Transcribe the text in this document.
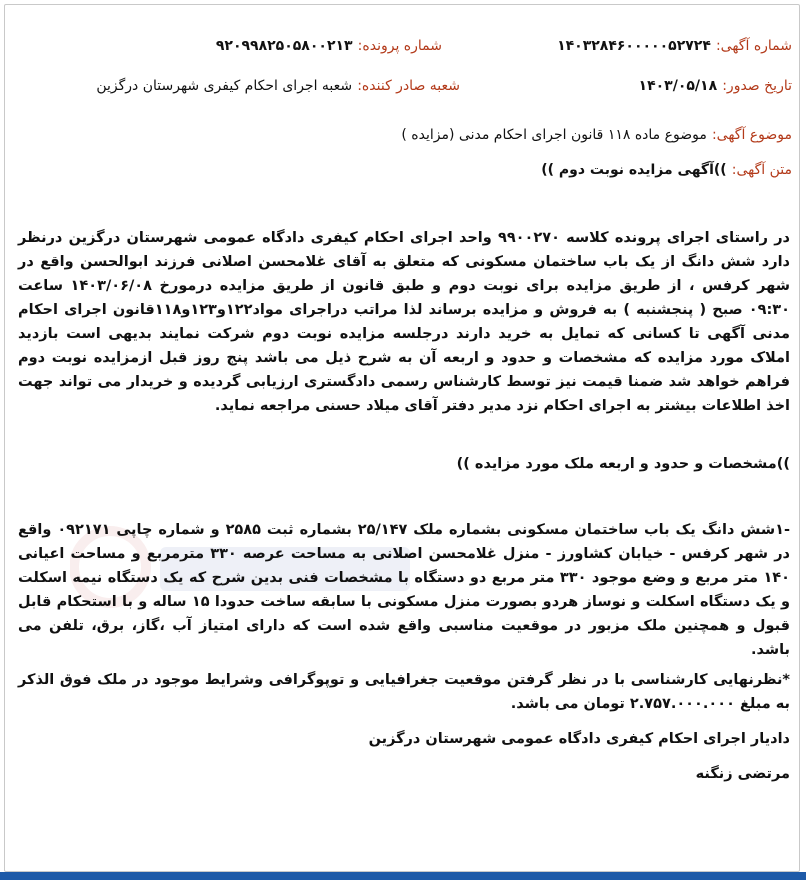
شماره آگهی: ۱۴۰۳۲۸۴۶۰۰۰۰۰۵۲۷۲۴
شماره پرونده: ۹۲۰۹۹۸۲۵۰۵۸۰۰۲۱۳
تاریخ صدور: ۱۴۰۳/۰۵/۱۸
شعبه صادر کننده: شعبه اجرای احکام کیفری شهرستان درگزین
موضوع آگهی: موضوع ماده ۱۱۸ قانون اجرای احکام مدنی (مزایده )
متن آگهی: ))آگهی مزایده نوبت دوم ))
در راستای اجرای پرونده کلاسه ۹۹۰۰۲۷۰ واحد اجرای احکام کیفری دادگاه عمومی شهرستان درگزین درنظر دارد شش دانگ از یک باب ساختمان مسکونی که متعلق به آقای غلامحسن اصلانی فرزند ابوالحسن واقع در شهر کرفس ، از طریق مزایده برای نوبت دوم و طبق قانون از طریق مزایده درمورخ ۱۴۰۳/۰۶/۰۸ ساعت ۰۹:۳۰ صبح ( پنجشنبه ) به فروش و مزایده برساند لذا مراتب دراجرای مواد۱۲۲و۱۲۳و۱۱۸قانون اجرای احکام مدنی آگهی تا کسانی که تمایل به خرید دارند درجلسه مزایده نوبت دوم شرکت نمایند بدیهی است بازدید املاک مورد مزایده که مشخصات و حدود و اربعه آن به شرح ذیل می باشد پنج روز قبل ازمزایده نوبت دوم فراهم خواهد شد ضمنا قیمت نیز توسط کارشناس رسمی دادگستری ارزیابی گردیده و خریدار می تواند جهت اخذ اطلاعات بیشتر به اجرای احکام نزد مدیر دفتر آقای میلاد حسنی مراجعه نماید.
))مشخصات و حدود و اربعه ملک مورد مزایده ))
-۱شش دانگ یک باب ساختمان مسکونی بشماره ملک ۲۵/۱۴۷ بشماره ثبت ۲۵۸۵ و شماره چاپی ۰۹۲۱۷۱ واقع در شهر کرفس - خیابان کشاورز - منزل غلامحسن اصلانی به مساحت عرصه ۳۳۰ مترمربع و مساحت اعیانی ۱۴۰ متر مربع و وضع موجود ۳۳۰ متر مربع دو دستگاه با مشخصات فنی بدین شرح که یک دستگاه نیمه اسکلت و یک دستگاه اسکلت و نوساز هردو بصورت منزل مسکونی با سابقه ساخت حدودا ۱۵ ساله و با استحکام قابل قبول و همچنین ملک مزبور در موقعیت مناسبی واقع شده است که دارای امتیاز آب ،گاز، برق، تلفن می باشد.
*نظرنهایی کارشناسی با در نظر گرفتن موقعیت جغرافیایی و توپوگرافی وشرایط موجود در ملک فوق الذکر به مبلغ ۲.۷۵۷.۰۰۰.۰۰۰ تومان می باشد.
دادیار اجرای احکام کیفری دادگاه عمومی شهرستان درگزین
مرتضی زنگنه
